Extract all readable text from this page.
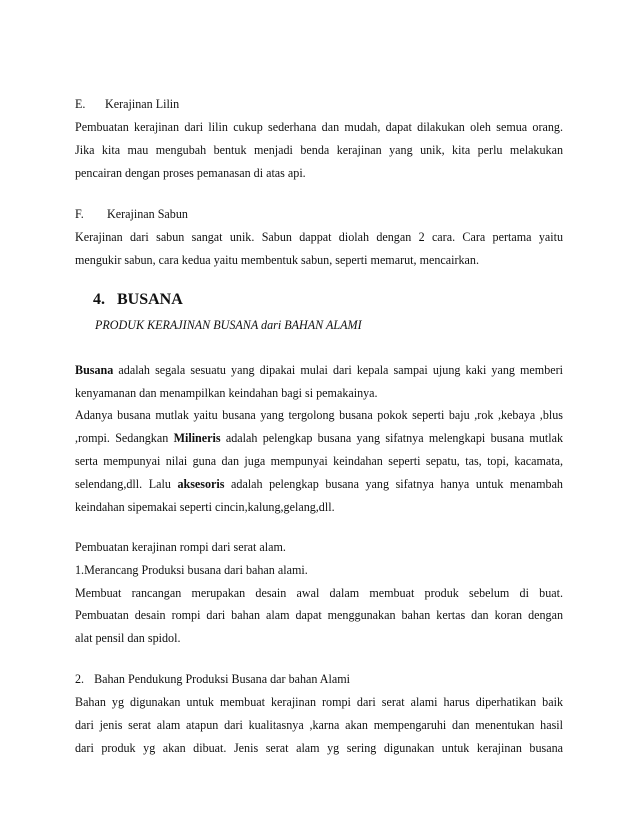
E. Kerajinan Lilin
Pembuatan kerajinan dari lilin cukup sederhana dan mudah, dapat dilakukan oleh semua orang.
Jika kita mau mengubah bentuk menjadi benda kerajinan yang unik, kita perlu melakukan
pencairan dengan proses pemanasan di atas api.
F. Kerajinan Sabun
Kerajinan dari sabun sangat unik. Sabun dappat diolah dengan 2 cara. Cara pertama yaitu
mengukir sabun, cara kedua yaitu membentuk sabun, seperti memarut, mencairkan.
4. BUSANA
PRODUK KERAJINAN BUSANA dari BAHAN ALAMI
Busana adalah segala sesuatu yang dipakai mulai dari kepala sampai ujung kaki yang memberi
kenyamanan dan menampilkan keindahan bagi si pemakainya.
Adanya busana mutlak yaitu busana yang tergolong busana pokok seperti baju ,rok ,kebaya ,blus
,rompi. Sedangkan Milineris adalah pelengkap busana yang sifatnya melengkapi busana mutlak
serta mempunyai nilai guna dan juga mempunyai keindahan seperti sepatu, tas, topi, kacamata,
selendang,dll. Lalu aksesoris adalah pelengkap busana yang sifatnya hanya untuk menambah
keindahan sipemakai seperti cincin,kalung,gelang,dll.
Pembuatan kerajinan rompi dari serat alam.
1.Merancang Produksi busana dari bahan alami.
Membuat rancangan merupakan desain awal dalam membuat produk sebelum di buat.
Pembuatan desain rompi dari bahan alam dapat menggunakan bahan kertas dan koran dengan
alat pensil dan spidol.
2. Bahan Pendukung Produksi Busana dar bahan Alami
Bahan yg digunakan untuk membuat kerajinan rompi dari serat alami harus diperhatikan baik
dari jenis serat alam atapun dari kualitasnya ,karna akan mempengaruhi dan menentukan hasil
dari produk yg akan dibuat. Jenis serat alam yg sering digunakan untuk kerajinan busana
